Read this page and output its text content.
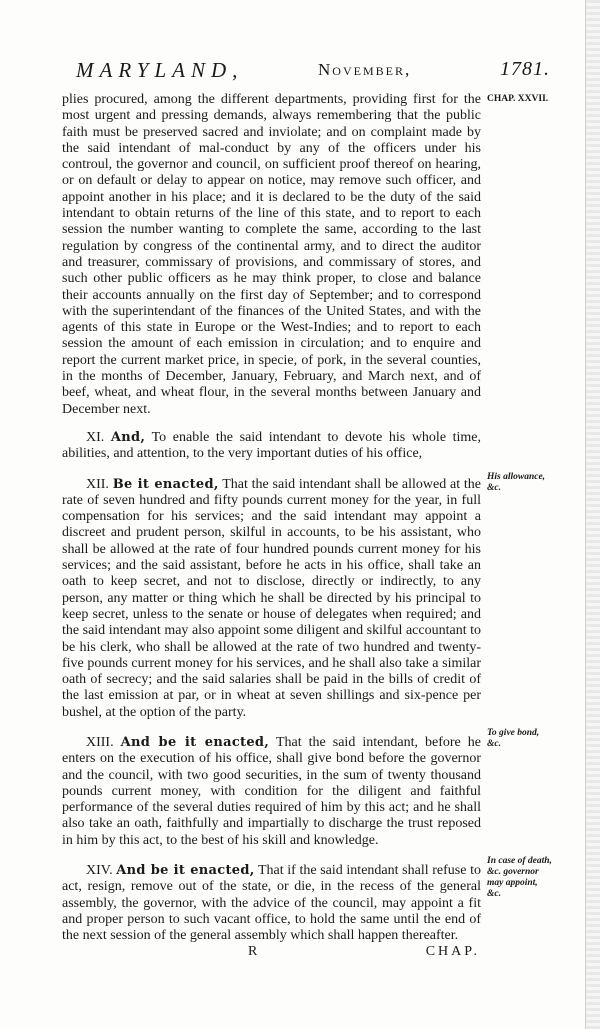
MARYLAND,	November,	1781.

plies procured, among the different departments, providing first for the most urgent and pressing demands, always remembering that the public faith must be preserved sacred and inviolate; and on complaint made by the said intendant of mal-conduct by any of the officers under his controul, the governor and council, on sufficient proof thereof on hearing, or on default or delay to appear on notice, may remove such officer, and appoint another in his place; and it is declared to be the duty of the said intendant to obtain returns of the line of this state, and to report to each session the number wanting to complete the same, according to the last regulation by congress of the continental army, and to direct the auditor and treasurer, commissary of provisions, and commissary of stores, and such other public officers as he may think proper, to close and balance their accounts annually on the first day of September; and to correspond with the superintendant of the finances of the United States, and with the agents of this state in Europe or the West-Indies; and to report to each session the amount of each emission in circulation; and to enquire and report the current market price, in specie, of pork, in the several counties, in the months of December, January, February, and March next, and of beef, wheat, and wheat flour, in the several months between January and December next.

XI. And, To enable the said intendant to devote his whole time, abilities, and attention, to the very important duties of his office,

XII. Be it enacted, That the said intendant shall be allowed at the rate of seven hundred and fifty pounds current money for the year, in full compensation for his services; and the said intendant may appoint a discreet and prudent person, skilful in accounts, to be his assistant, who shall be allowed at the rate of four hundred pounds current money for his services; and the said assistant, before he acts in his office, shall take an oath to keep secret, and not to disclose, directly or indirectly, to any person, any matter or thing which he shall be directed by his principal to keep secret, unless to the senate or house of delegates when required; and the said intendant may also appoint some diligent and skilful accountant to be his clerk, who shall be allowed at the rate of two hundred and twenty-five pounds current money for his services, and he shall also take a similar oath of secrecy; and the said salaries shall be paid in the bills of credit of the last emission at par, or in wheat at seven shillings and six-pence per bushel, at the option of the party.

XIII. And be it enacted, That the said intendant, before he enters on the execution of his office, shall give bond before the governor and the council, with two good securities, in the sum of twenty thousand pounds current money, with condition for the diligent and faithful performance of the several duties required of him by this act; and he shall also take an oath, faithfully and impartially to discharge the trust reposed in him by this act, to the best of his skill and knowledge.

XIV. And be it enacted, That if the said intendant shall refuse to act, resign, remove out of the state, or die, in the recess of the general assembly, the governor, with the advice of the council, may appoint a fit and proper person to such vacant office, to hold the same until the end of the next session of the general assembly which shall happen thereafter.

CHAP. XXVII.
His allowance, &c.
To give bond, &c.
In case of death, &c. governor may appoint, &c.
R	CHAP.
